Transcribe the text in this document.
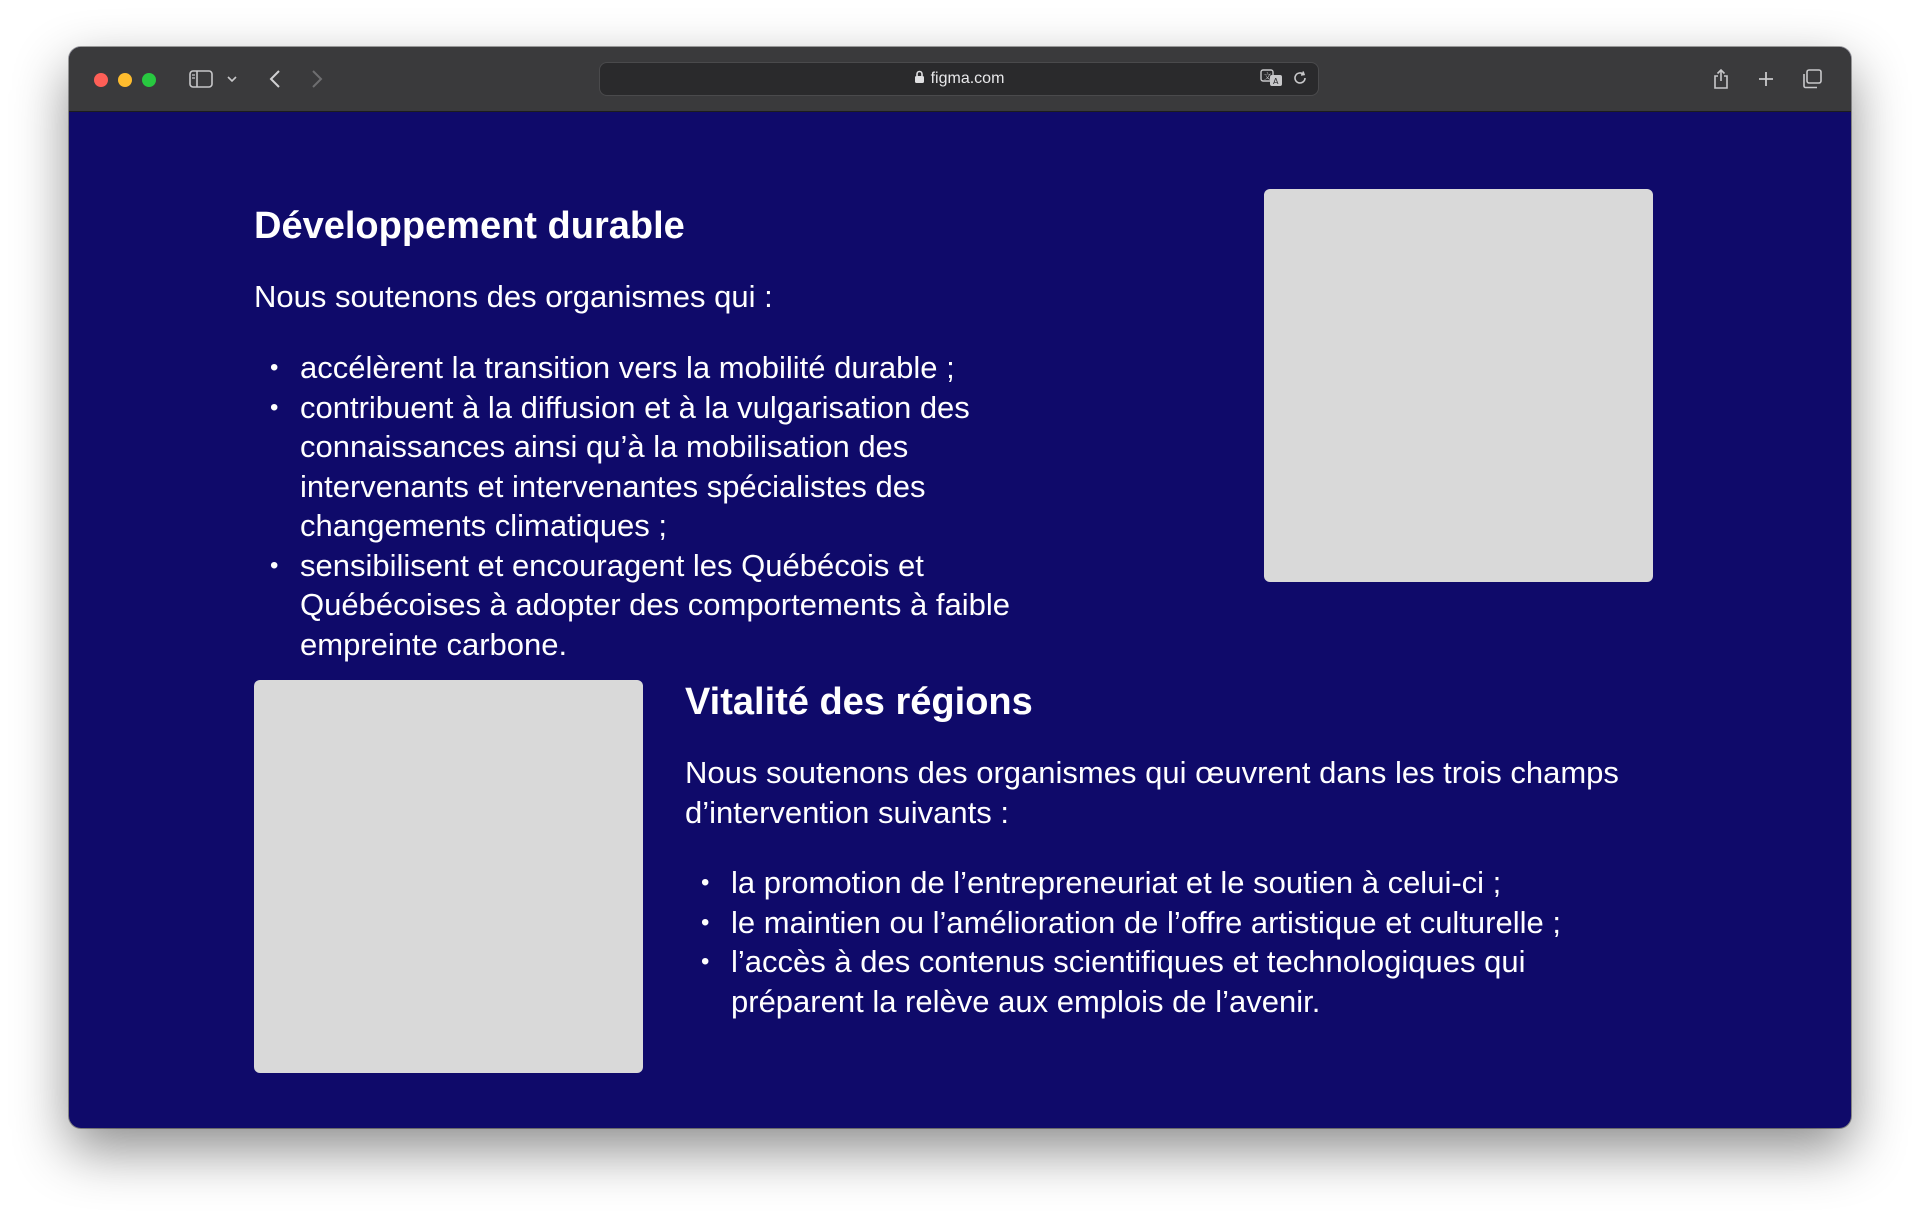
figma.com	文
A
Développement durable

Nous soutenons des organismes qui :

• accélèrent la transition vers la mobilité durable ;
• contribuent à la diffusion et à la vulgarisation des connaissances ainsi qu’à la mobilisation des intervenants et intervenantes spécialistes des changements climatiques ;
• sensibilisent et encouragent les Québécois et Québécoises à adopter des comportements à faible empreinte carbone.
Vitalité des régions

Nous soutenons des organismes qui œuvrent dans les trois champs d’intervention suivants :

• la promotion de l’entrepreneuriat et le soutien à celui-ci ;
• le maintien ou l’amélioration de l’offre artistique et culturelle ;
• l’accès à des contenus scientifiques et technologiques qui préparent la relève aux emplois de l’avenir.
